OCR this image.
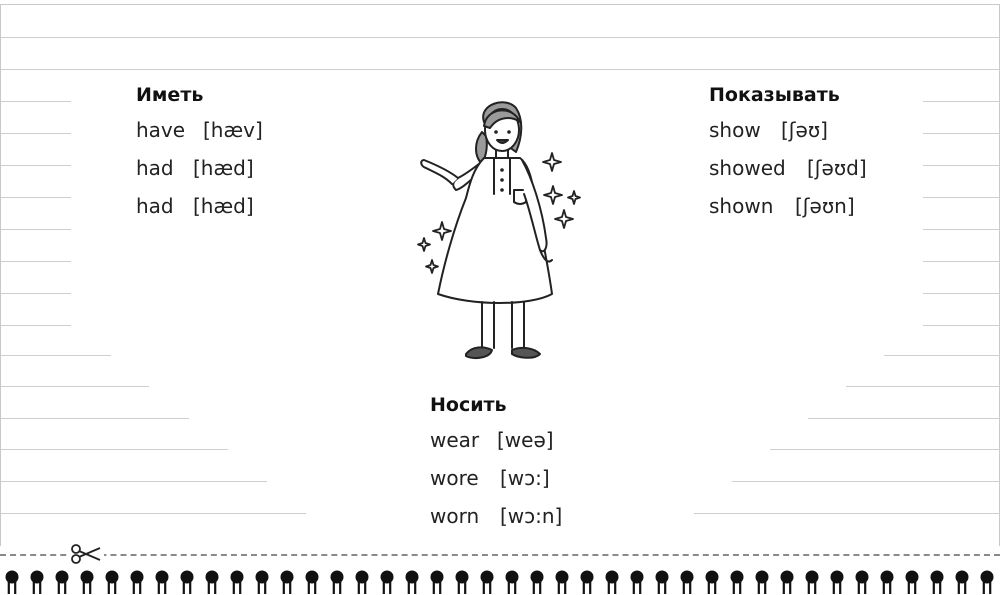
Иметь
have [hæv]
had [hæd]
had [hæd]
Показывать
show	[ʃəʊ]
showed	[ʃəʊd]
shown	[ʃəʊn]
Носить
wear [weə]
wore	[wɔ:]
worn	[wɔ:n]
